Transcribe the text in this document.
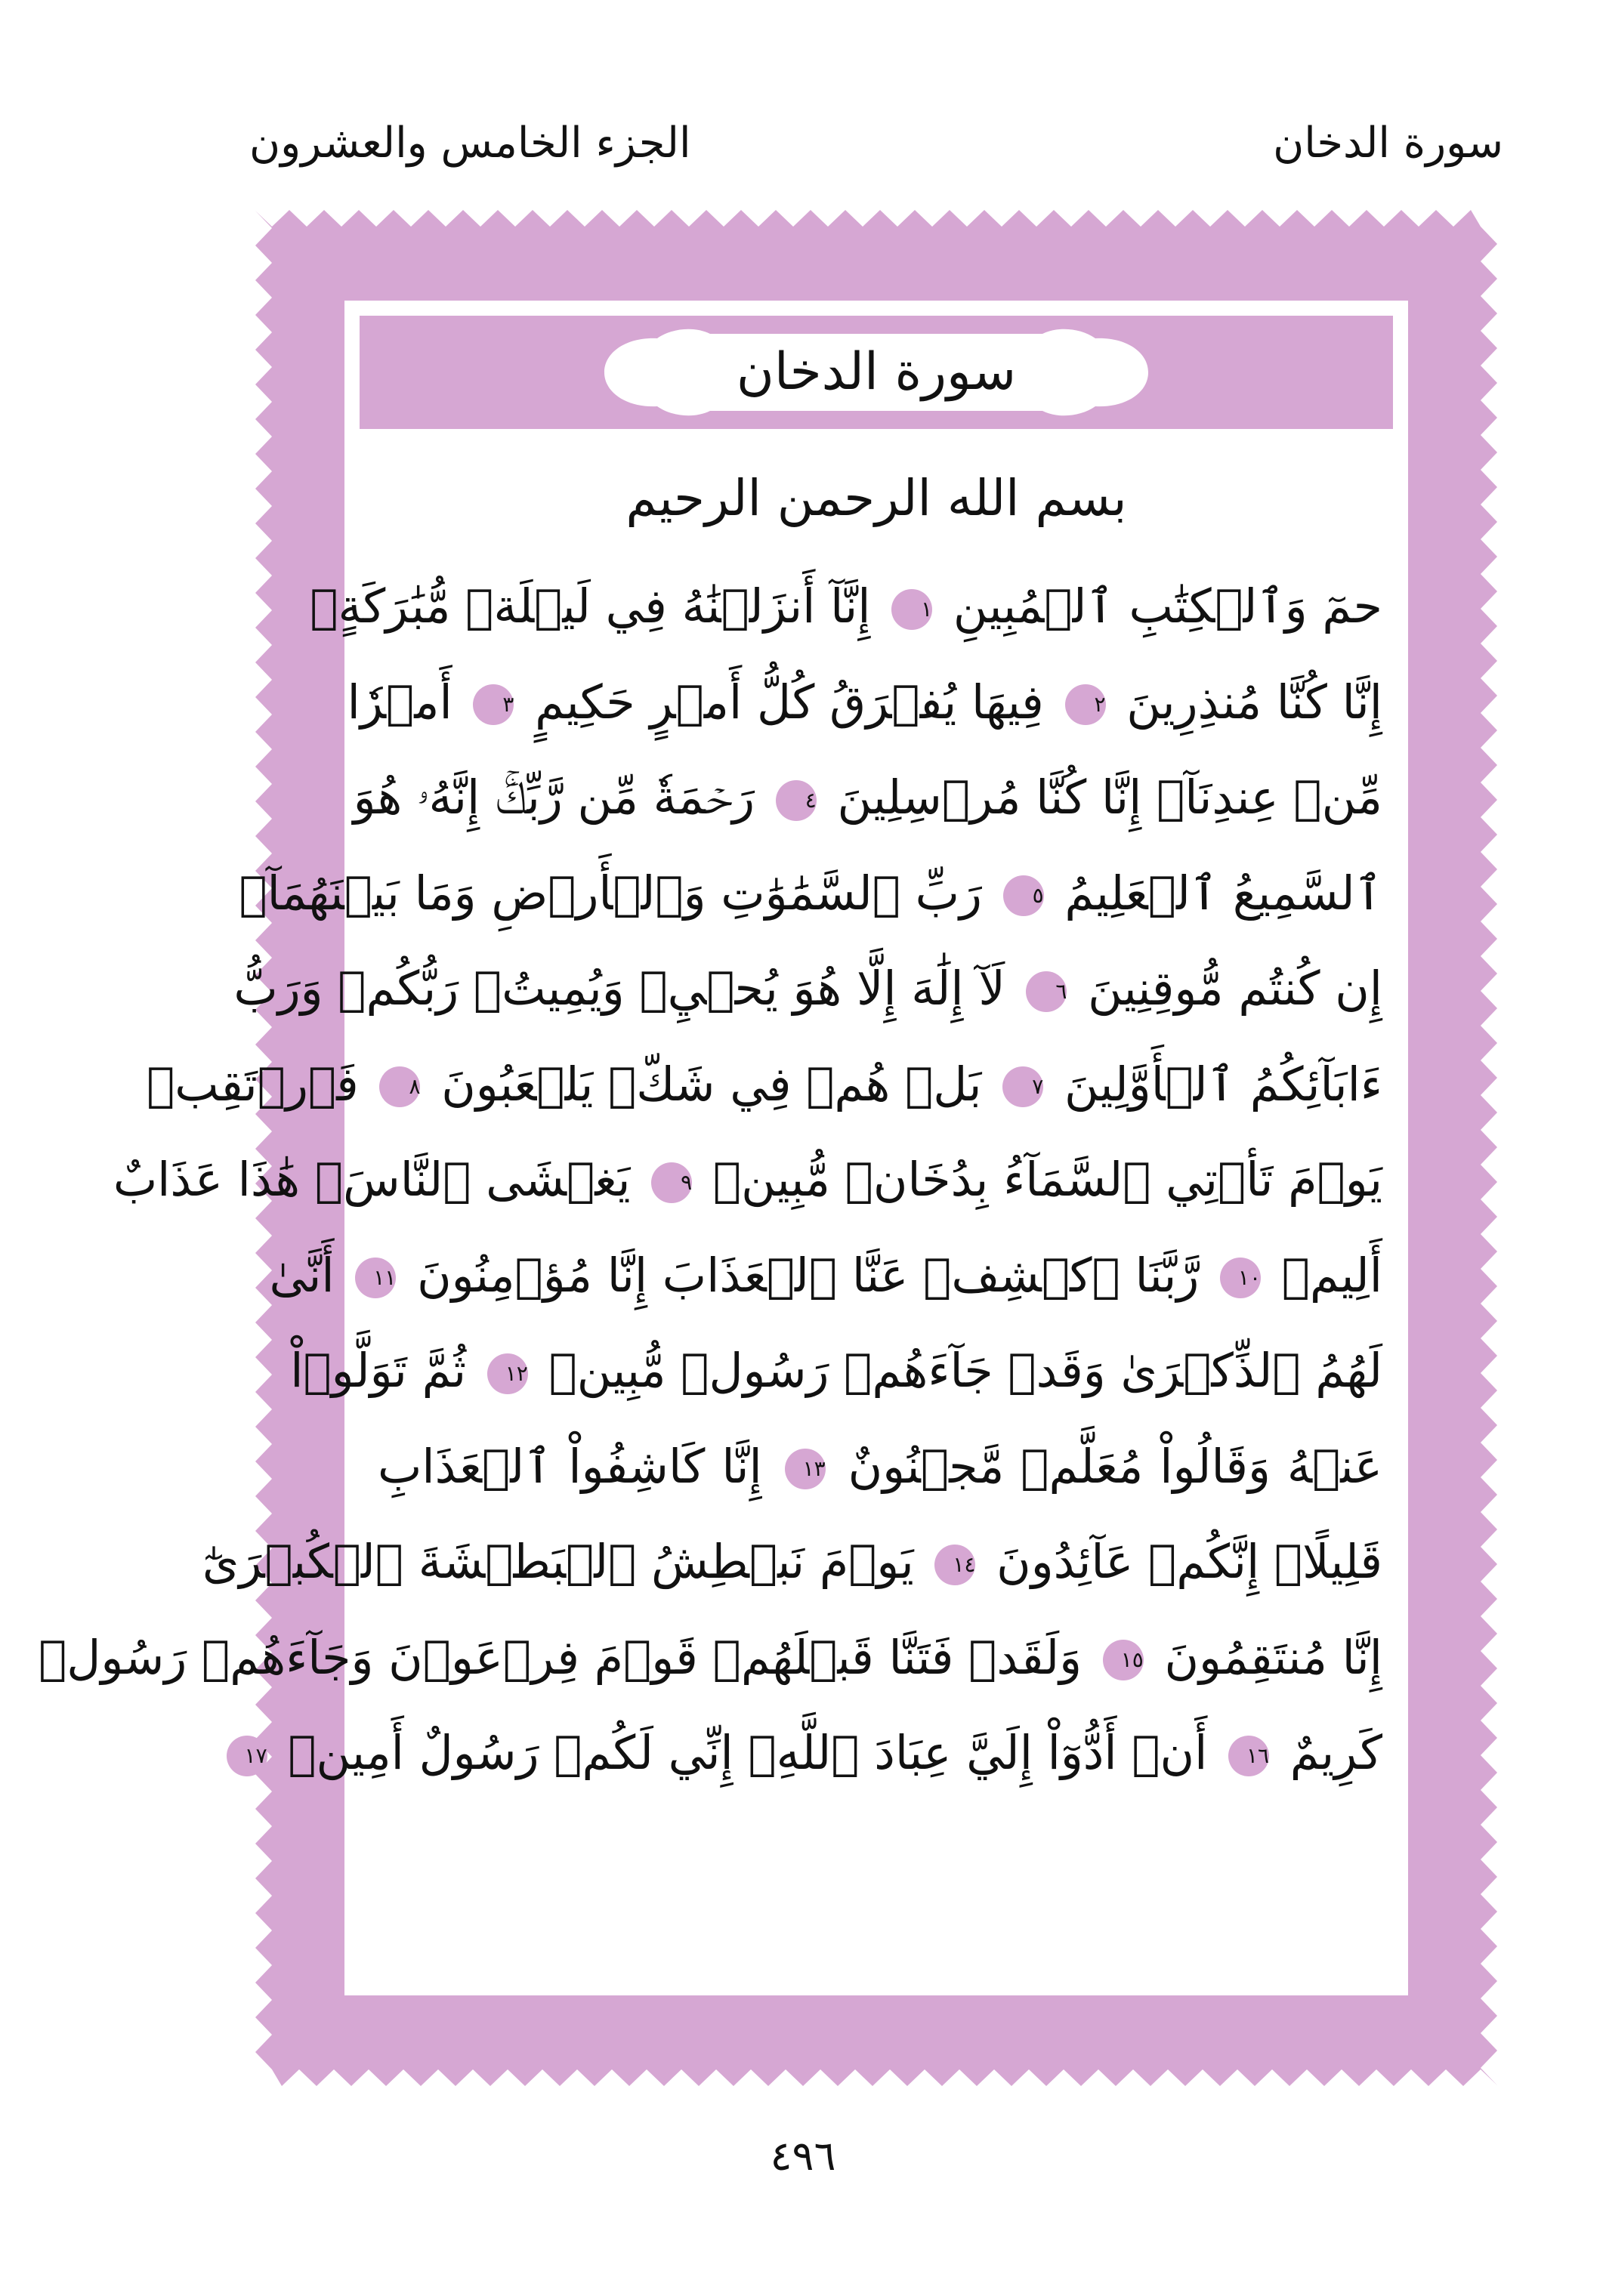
سورة الدخان
الجزء الخامس والعشرون
سورة الدخان
بسم الله الرحمن الرحيم
حمٓ وَٱلۡكِتَٰبِ ٱلۡمُبِينِ ١ إِنَّآ أَنزَلۡنَٰهُ فِي لَيۡلَةٖ مُّبَٰرَكَةٍۚ
إِنَّا كُنَّا مُنذِرِينَ ٢ فِيهَا يُفۡرَقُ كُلُّ أَمۡرٍ حَكِيمٍ ٣ أَمۡرٗا
مِّنۡ عِندِنَآۚ إِنَّا كُنَّا مُرۡسِلِينَ ٤ رَحۡمَةٗ مِّن رَّبِّكَۚ إِنَّهُۥ هُوَ
ٱلسَّمِيعُ ٱلۡعَلِيمُ ٥ رَبِّ ٱلسَّمَٰوَٰتِ وَٱلۡأَرۡضِ وَمَا بَيۡنَهُمَآۖ
إِن كُنتُم مُّوقِنِينَ ٦ لَآ إِلَٰهَ إِلَّا هُوَ يُحۡيِۦ وَيُمِيتُۖ رَبُّكُمۡ وَرَبُّ
ءَابَآئِكُمُ ٱلۡأَوَّلِينَ ٧ بَلۡ هُمۡ فِي شَكّٖ يَلۡعَبُونَ ٨ فَٱرۡتَقِبۡ
يَوۡمَ تَأۡتِي ٱلسَّمَآءُ بِدُخَانٖ مُّبِينٖ ٩ يَغۡشَى ٱلنَّاسَۖ هَٰذَا عَذَابٌ
أَلِيمٞ ١٠ رَّبَّنَا ٱكۡشِفۡ عَنَّا ٱلۡعَذَابَ إِنَّا مُؤۡمِنُونَ ١١ أَنَّىٰ
لَهُمُ ٱلذِّكۡرَىٰ وَقَدۡ جَآءَهُمۡ رَسُولٞ مُّبِينٞ ١٢ ثُمَّ تَوَلَّوۡاْ
عَنۡهُ وَقَالُواْ مُعَلَّمٞ مَّجۡنُونٌ ١٣ إِنَّا كَاشِفُواْ ٱلۡعَذَابِ
قَلِيلًاۚ إِنَّكُمۡ عَآئِدُونَ ١٤ يَوۡمَ نَبۡطِشُ ٱلۡبَطۡشَةَ ٱلۡكُبۡرَىٰٓ
إِنَّا مُنتَقِمُونَ ١٥ وَلَقَدۡ فَتَنَّا قَبۡلَهُمۡ قَوۡمَ فِرۡعَوۡنَ وَجَآءَهُمۡ رَسُولٞ
كَرِيمٌ ١٦ أَنۡ أَدُّوٓاْ إِلَيَّ عِبَادَ ٱللَّهِۖ إِنِّي لَكُمۡ رَسُولٌ أَمِينٞ ١٧
٤٩٦
